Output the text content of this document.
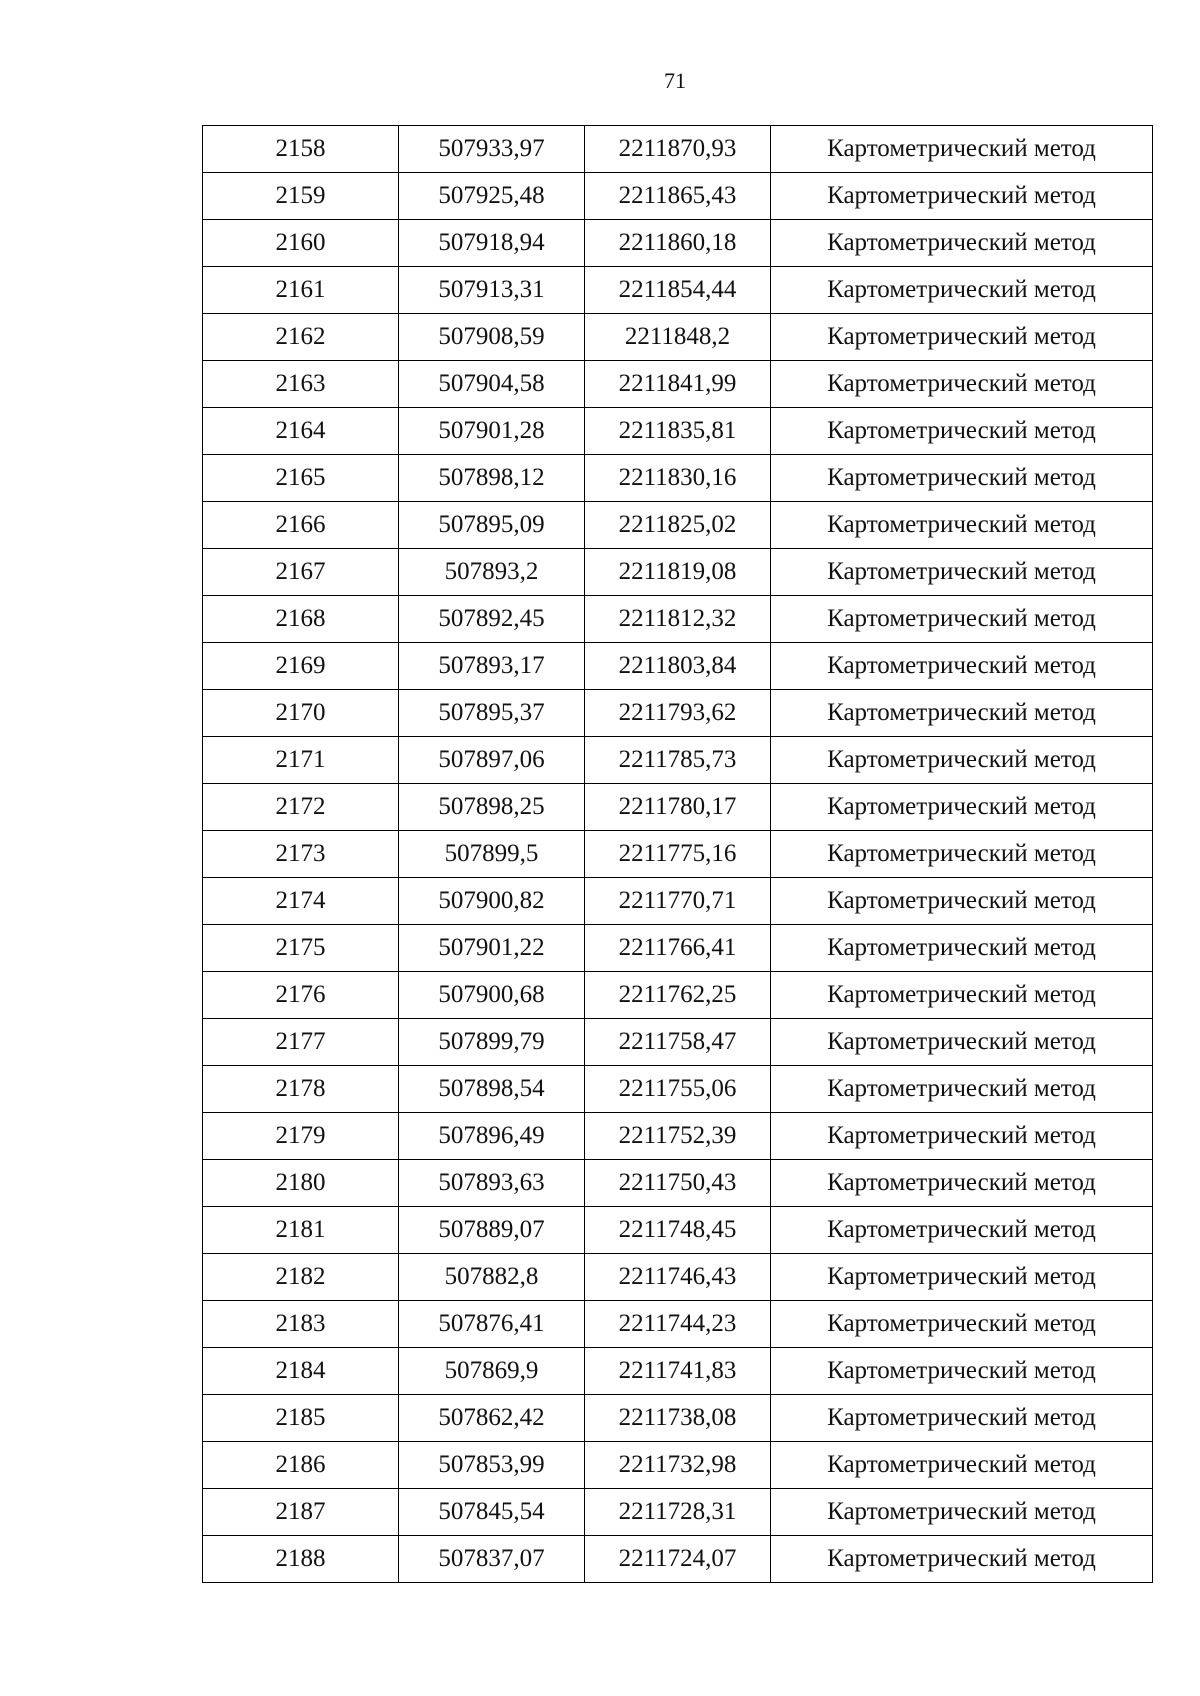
71
2158	507933,97	2211870,93	Картометрический метод
2159	507925,48	2211865,43	Картометрический метод
2160	507918,94	2211860,18	Картометрический метод
2161	507913,31	2211854,44	Картометрический метод
2162	507908,59	2211848,2	Картометрический метод
2163	507904,58	2211841,99	Картометрический метод
2164	507901,28	2211835,81	Картометрический метод
2165	507898,12	2211830,16	Картометрический метод
2166	507895,09	2211825,02	Картометрический метод
2167	507893,2	2211819,08	Картометрический метод
2168	507892,45	2211812,32	Картометрический метод
2169	507893,17	2211803,84	Картометрический метод
2170	507895,37	2211793,62	Картометрический метод
2171	507897,06	2211785,73	Картометрический метод
2172	507898,25	2211780,17	Картометрический метод
2173	507899,5	2211775,16	Картометрический метод
2174	507900,82	2211770,71	Картометрический метод
2175	507901,22	2211766,41	Картометрический метод
2176	507900,68	2211762,25	Картометрический метод
2177	507899,79	2211758,47	Картометрический метод
2178	507898,54	2211755,06	Картометрический метод
2179	507896,49	2211752,39	Картометрический метод
2180	507893,63	2211750,43	Картометрический метод
2181	507889,07	2211748,45	Картометрический метод
2182	507882,8	2211746,43	Картометрический метод
2183	507876,41	2211744,23	Картометрический метод
2184	507869,9	2211741,83	Картометрический метод
2185	507862,42	2211738,08	Картометрический метод
2186	507853,99	2211732,98	Картометрический метод
2187	507845,54	2211728,31	Картометрический метод
2188	507837,07	2211724,07	Картометрический метод
